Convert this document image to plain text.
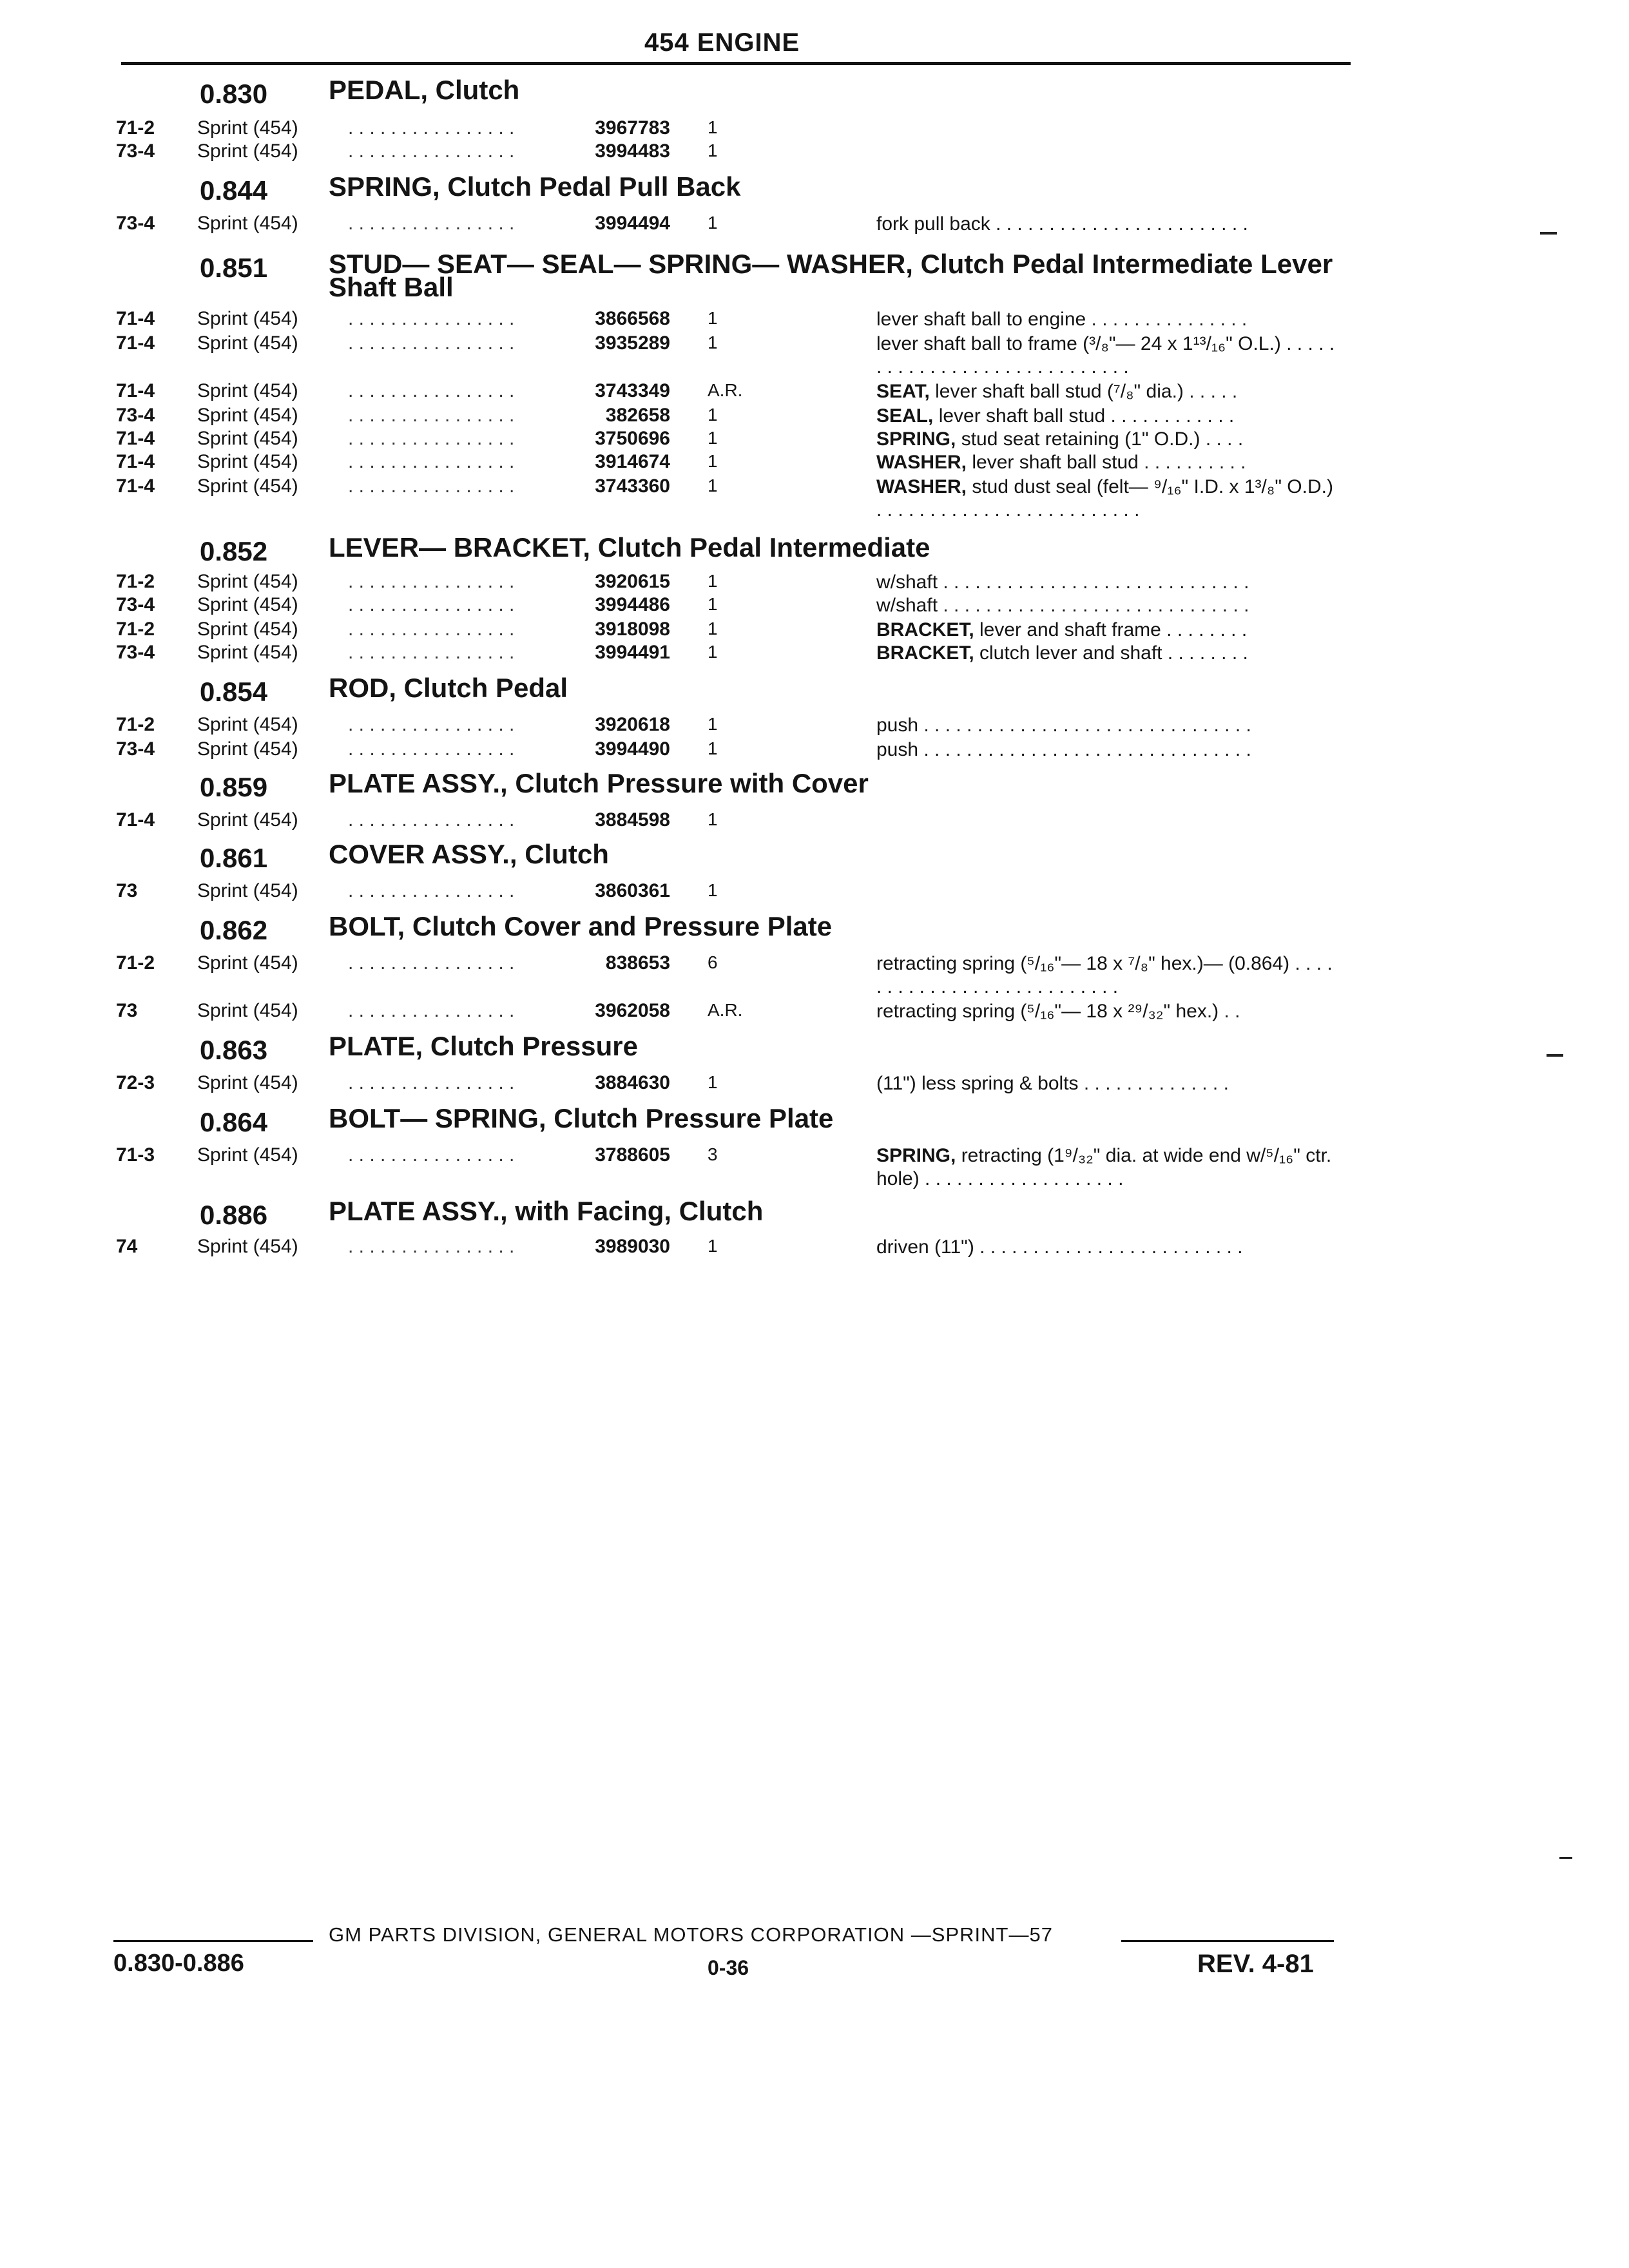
454 ENGINE
0.830 PEDAL, Clutch
71-2 Sprint (454)	. . . . . . . . . . . . . . . .	3967783 1
73-4 Sprint (454)	. . . . . . . . . . . . . . . .	3994483 1
0.844 SPRING, Clutch Pedal Pull Back
73-4 Sprint (454)	. . . . . . . . . . . . . . . .	3994494 1	fork pull back . . . . . . . . . . . . . . . . . . . . . . . .
0.851 STUD— SEAT— SEAL— SPRING— WASHER, Clutch Pedal Intermediate Lever Shaft Ball
71-4 Sprint (454)	. . . . . . . . . . . . . . . .	3866568 1	lever shaft ball to engine . . . . . . . . . . . . . . .
71-4 Sprint (454)	. . . . . . . . . . . . . . . .	3935289 1	lever shaft ball to frame (³/₈"— 24 x 1¹³/₁₆" O.L.) . . . . . . . . . . . . . . . . . . . . . . . . . . . . .
71-4 Sprint (454)	. . . . . . . . . . . . . . . .	3743349 A.R.	SEAT, lever shaft ball stud (⁷/₈" dia.) . . . . .
73-4 Sprint (454)	. . . . . . . . . . . . . . . .	382658 1	SEAL, lever shaft ball stud . . . . . . . . . . . .
71-4 Sprint (454)	. . . . . . . . . . . . . . . .	3750696 1	SPRING, stud seat retaining (1" O.D.) . . . .
71-4 Sprint (454)	. . . . . . . . . . . . . . . .	3914674 1	WASHER, lever shaft ball stud . . . . . . . . . .
71-4 Sprint (454)	. . . . . . . . . . . . . . . .	3743360 1	WASHER, stud dust seal (felt— ⁹/₁₆" I.D. x 1³/₈" O.D.) . . . . . . . . . . . . . . . . . . . . . . . . .
0.852 LEVER— BRACKET, Clutch Pedal Intermediate
71-2 Sprint (454)	. . . . . . . . . . . . . . . .	3920615 1	w/shaft . . . . . . . . . . . . . . . . . . . . . . . . . . . . .
73-4 Sprint (454)	. . . . . . . . . . . . . . . .	3994486 1	w/shaft . . . . . . . . . . . . . . . . . . . . . . . . . . . . .
71-2 Sprint (454)	. . . . . . . . . . . . . . . .	3918098 1	BRACKET, lever and shaft frame . . . . . . . .
73-4 Sprint (454)	. . . . . . . . . . . . . . . .	3994491 1	BRACKET, clutch lever and shaft . . . . . . . .
0.854 ROD, Clutch Pedal
71-2 Sprint (454)	. . . . . . . . . . . . . . . .	3920618 1	push . . . . . . . . . . . . . . . . . . . . . . . . . . . . . . .
73-4 Sprint (454)	. . . . . . . . . . . . . . . .	3994490 1	push . . . . . . . . . . . . . . . . . . . . . . . . . . . . . . .
0.859 PLATE ASSY., Clutch Pressure with Cover
71-4 Sprint (454)	. . . . . . . . . . . . . . . .	3884598 1
0.861 COVER ASSY., Clutch
73	Sprint (454)	. . . . . . . . . . . . . . . .	3860361 1
0.862 BOLT, Clutch Cover and Pressure Plate
71-2 Sprint (454)	. . . . . . . . . . . . . . . .	838653 6	retracting spring (⁵/₁₆"— 18 x ⁷/₈" hex.)— (0.864) . . . . . . . . . . . . . . . . . . . . . . . . . . .
73	Sprint (454)	. . . . . . . . . . . . . . . .	3962058 A.R.	retracting spring (⁵/₁₆"— 18 x ²⁹/₃₂" hex.) . .
0.863 PLATE, Clutch Pressure
72-3 Sprint (454)	. . . . . . . . . . . . . . . .	3884630 1	(11") less spring & bolts . . . . . . . . . . . . . .
0.864 BOLT— SPRING, Clutch Pressure Plate
71-3 Sprint (454)	. . . . . . . . . . . . . . . .	3788605 3	SPRING, retracting (1⁹/₃₂" dia. at wide end w/⁵/₁₆" ctr. hole) . . . . . . . . . . . . . . . . . . .
0.886 PLATE ASSY., with Facing, Clutch
74	Sprint (454)	. . . . . . . . . . . . . . . .	3989030 1	driven (11") . . . . . . . . . . . . . . . . . . . . . . . . .
GM PARTS DIVISION, GENERAL MOTORS CORPORATION —SPRINT—57
0.830-0.886	0-36	REV. 4-81
